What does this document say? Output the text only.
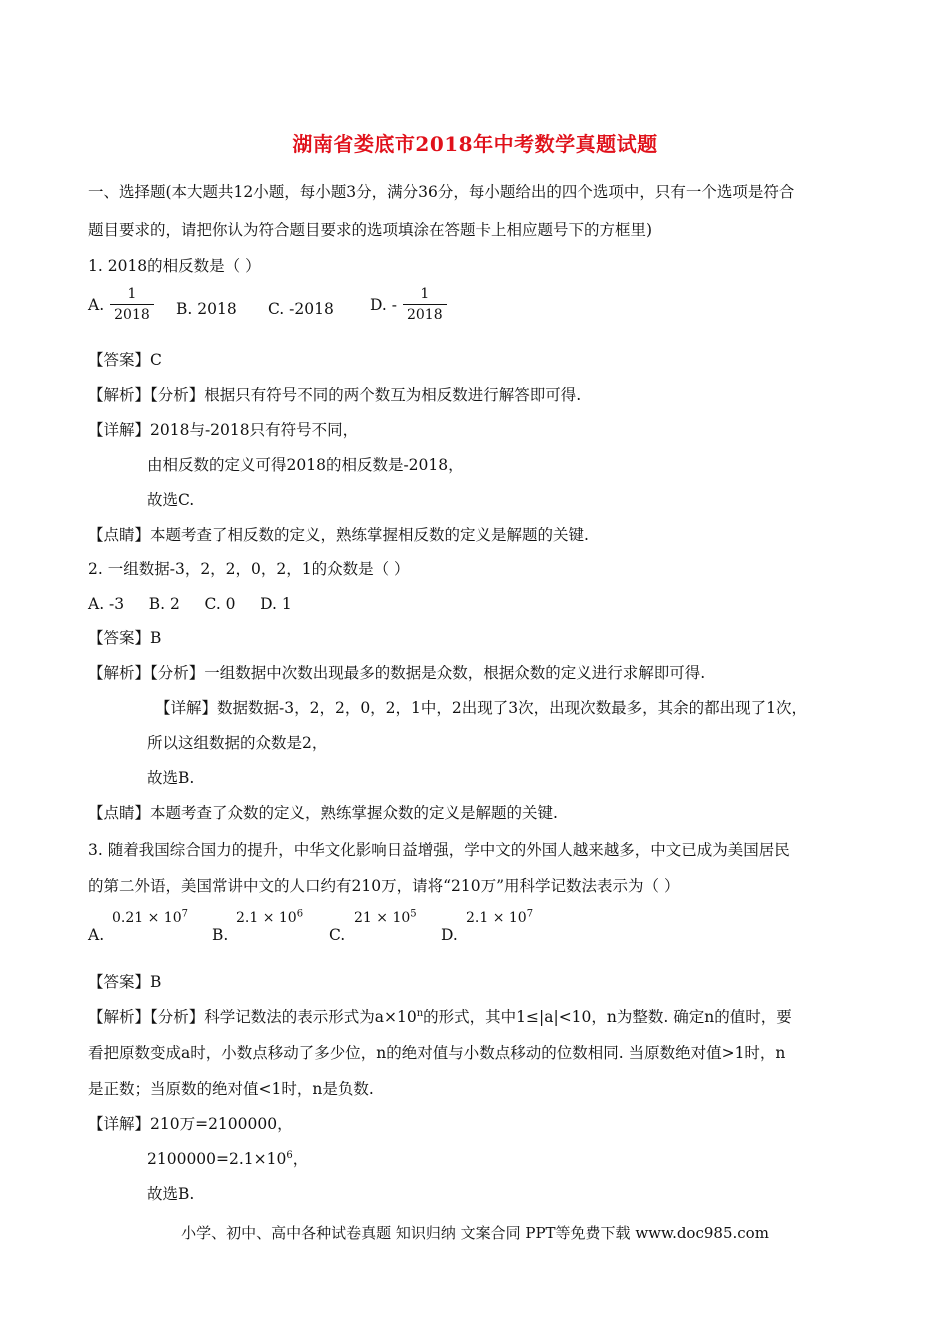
湖南省娄底市2018年中考数学真题试题
一、选择题(本大题共12小题，每小题3分，满分36分，每小题给出的四个选项中，只有一个选项是符合
题目要求的，请把你认为符合题目要求的选项填涂在答题卡上相应题号下的方框里)
1. 2018的相反数是（ ）
A. $\frac{1}{2018} B$. 2018 C. -2018 D. - $\frac{1}{2018}$
【答案】C
【解析】【分析】根据只有符号不同的两个数互为相反数进行解答即可得.
【详解】2018与-2018只有符号不同，
由相反数的定义可得2018的相反数是-2018，
故选C.
【点睛】本题考查了相反数的定义，熟练掌握相反数的定义是解题的关键.
2. 一组数据-3，2，2，0，2，1的众数是（ ）
A. -3     B. 2     C. 0     D. 1
【答案】B
【解析】【分析】一组数据中次数出现最多的数据是众数，根据众数的定义进行求解即可得.
【详解】数据数据-3，2，2，0，2，1中，2出现了3次，出现次数最多，其余的都出现了1次，
所以这组数据的众数是2，
故选B.
【点睛】本题考查了众数的定义，熟练掌握众数的定义是解题的关键.
3. 随着我国综合国力的提升，中华文化影响日益增强，学中文的外国人越来越多，中文已成为美国居民
的第二外语，美国常讲中文的人口约有210万，请将“210万”用科学记数法表示为（ ）
A.
$0.21 \times 10^7$
B.
$2.1 \times 10^6$
C.
$21 \times 10^5$
D.
$2.1 \times 10^7$
【答案】B
【解析】【分析】科学记数法的表示形式为$a\times 10^n$的形式，其中1≤|a|<10，n为整数. 确定n的值时，要
看把原数变成a时，小数点移动了多少位，n的绝对值与小数点移动的位数相同. 当原数绝对值>1时，n
是正数；当原数的绝对值<1时，n是负数.
【详解】210万=2100000，
$2100000=2.1\times 10^6$，
故选B.
小学、初中、高中各种试卷真题 知识归纳 文案合同 PPT等免费下载 www.doc985.com
